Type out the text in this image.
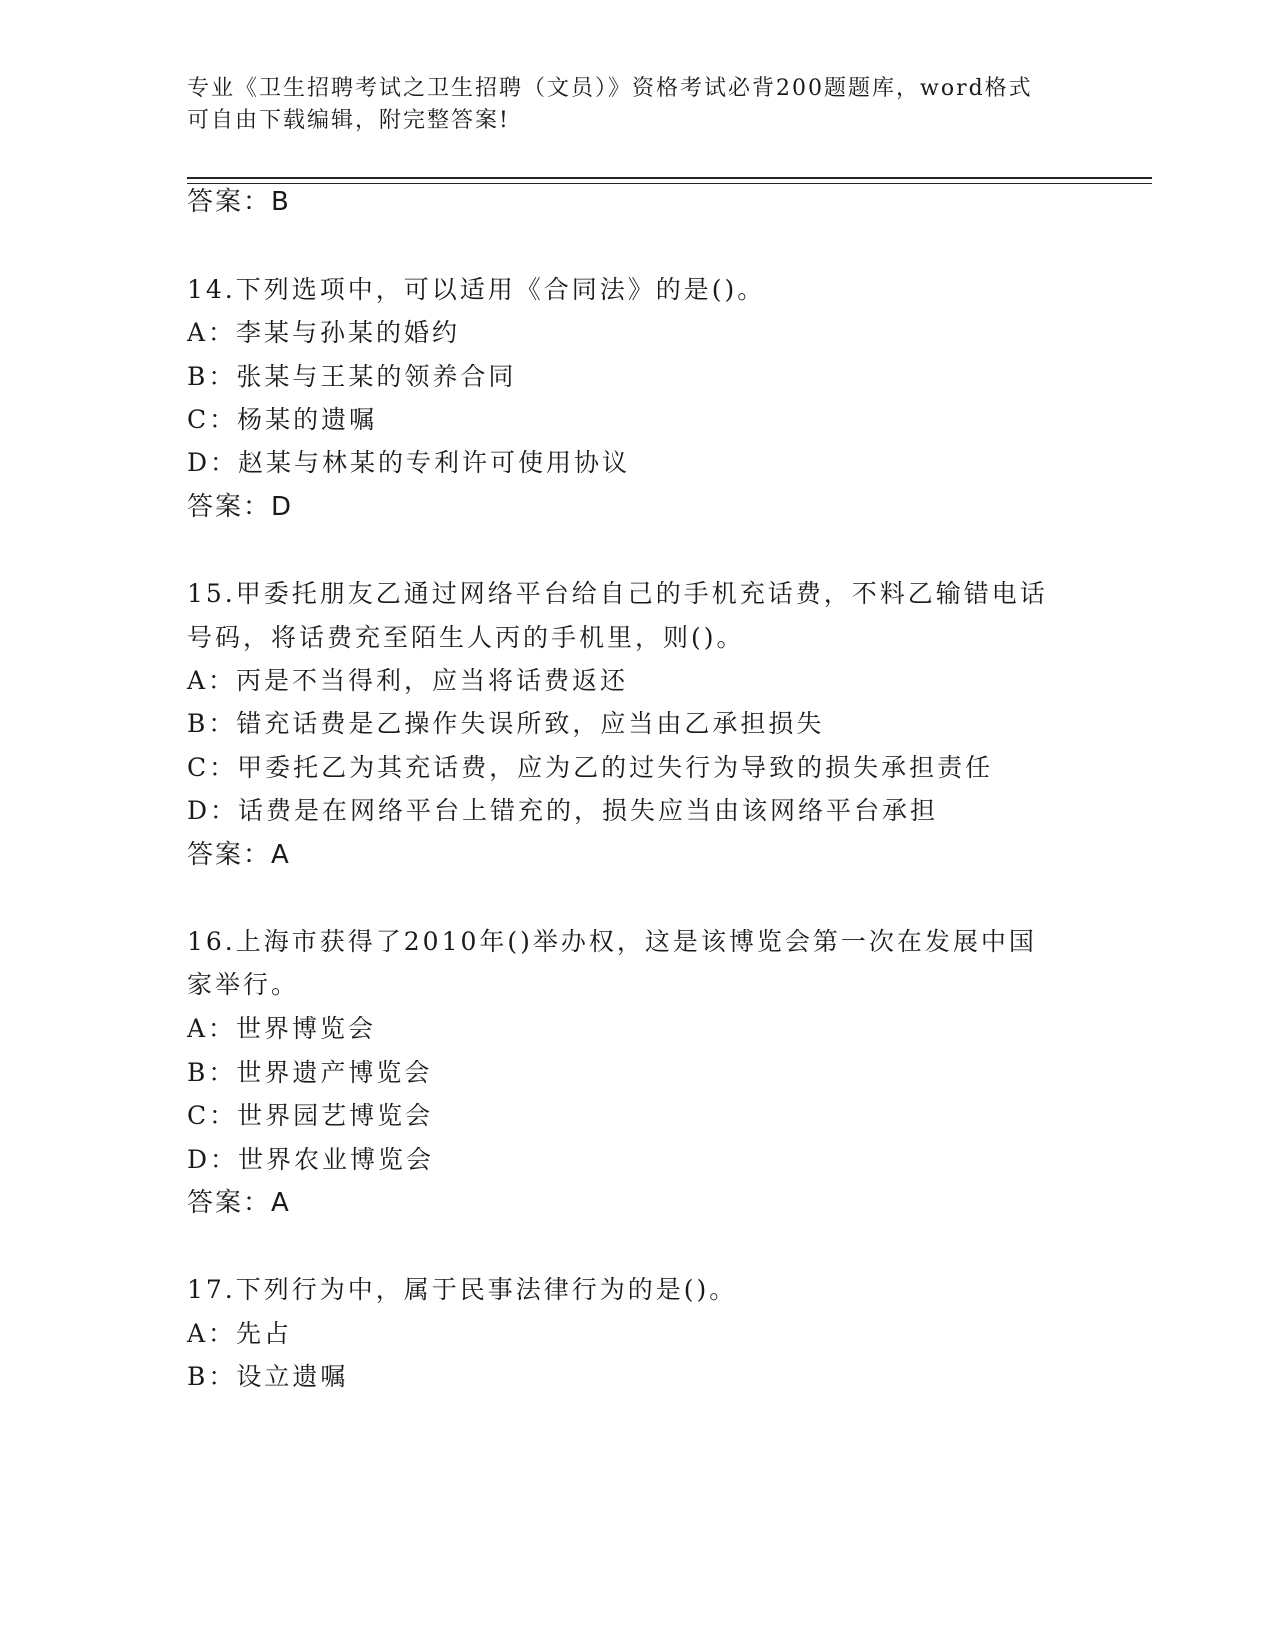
专业《卫生招聘考试之卫生招聘（文员）》资格考试必背200题题库，word格式
可自由下载编辑，附完整答案!
答案：B
14.下列选项中，可以适用《合同法》的是()。
A：李某与孙某的婚约
B：张某与王某的领养合同
C：杨某的遗嘱
D：赵某与林某的专利许可使用协议
答案：D
15.甲委托朋友乙通过网络平台给自己的手机充话费，不料乙输错电话
号码，将话费充至陌生人丙的手机里，则()。
A：丙是不当得利，应当将话费返还
B：错充话费是乙操作失误所致，应当由乙承担损失
C：甲委托乙为其充话费，应为乙的过失行为导致的损失承担责任
D：话费是在网络平台上错充的，损失应当由该网络平台承担
答案：A
16.上海市获得了2010年()举办权，这是该博览会第一次在发展中国
家举行。
A：世界博览会
B：世界遗产博览会
C：世界园艺博览会
D：世界农业博览会
答案：A
17.下列行为中，属于民事法律行为的是()。
A：先占
B：设立遗嘱
